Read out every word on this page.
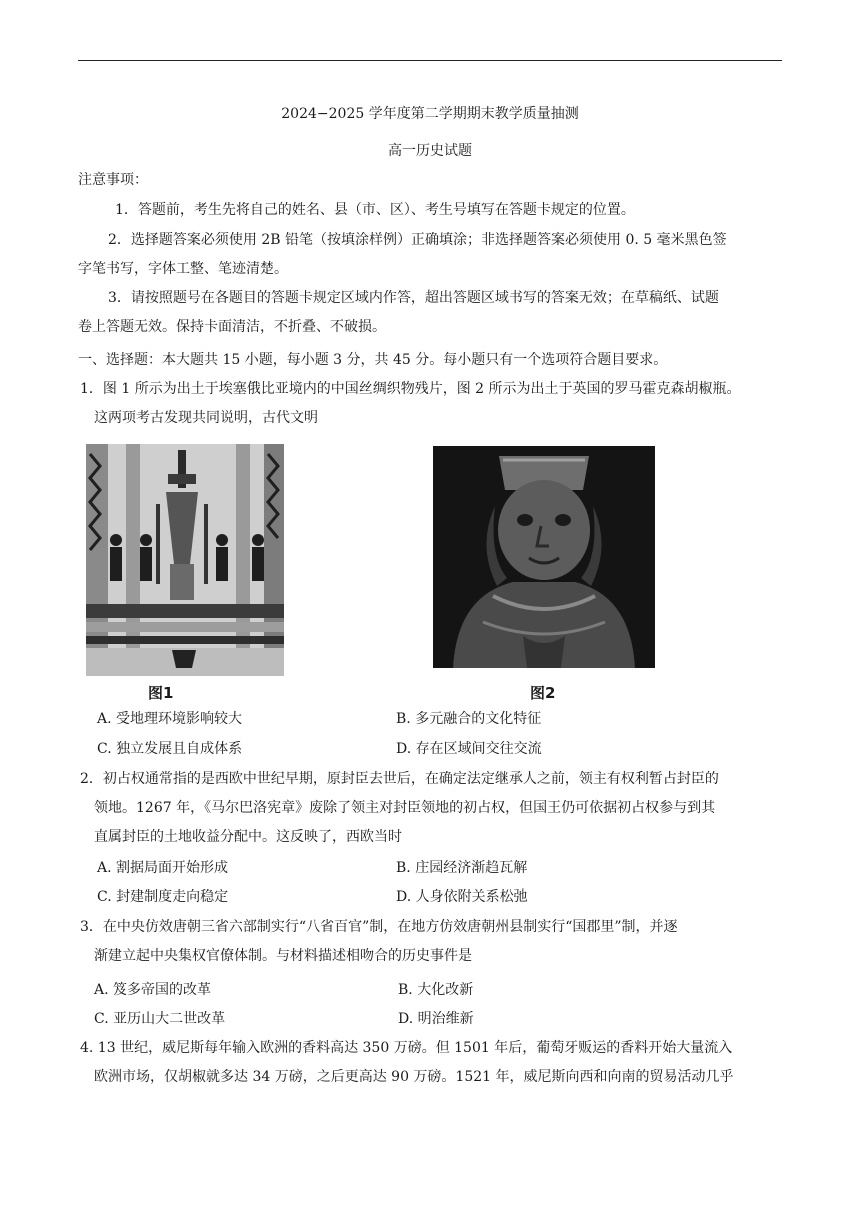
2024−2025 学年度第二学期期末教学质量抽测
高一历史试题
注意事项：
1．答题前，考生先将自己的姓名、县（市、区）、考生号填写在答题卡规定的位置。
2．选择题答案必须使用 2B 铅笔（按填涂样例）正确填涂；非选择题答案必须使用 0. 5 毫米黑色签
字笔书写，字体工整、笔迹清楚。
3．请按照题号在各题目的答题卡规定区域内作答，超出答题区域书写的答案无效；在草稿纸、试题
卷上答题无效。保持卡面清洁，不折叠、不破损。
一、选择题：本大题共 15 小题，每小题 3 分，共 45 分。每小题只有一个选项符合题目要求。
1．图 1 所示为出土于埃塞俄比亚境内的中国丝绸织物残片，图 2 所示为出土于英国的罗马霍克森胡椒瓶。
这两项考古发现共同说明，古代文明
图1	图2
A. 受地理环境影响较大	B. 多元融合的文化特征
C. 独立发展且自成体系	D. 存在区域间交往交流
2．初占权通常指的是西欧中世纪早期，原封臣去世后，在确定法定继承人之前，领主有权利暂占封臣的
领地。1267 年，《马尔巴洛宪章》废除了领主对封臣领地的初占权，但国王仍可依据初占权参与到其
直属封臣的土地收益分配中。这反映了，西欧当时
A. 割据局面开始形成	B. 庄园经济渐趋瓦解
C. 封建制度走向稳定	D. 人身依附关系松弛
3．在中央仿效唐朝三省六部制实行“八省百官”制，在地方仿效唐朝州县制实行“国郡里”制，并逐
渐建立起中央集权官僚体制。与材料描述相吻合的历史事件是
A. 笈多帝国的改革	B. 大化改新
C. 亚历山大二世改革	D. 明治维新
4. 13 世纪，威尼斯每年输入欧洲的香料高达 350 万磅。但 1501 年后，葡萄牙贩运的香料开始大量流入
欧洲市场，仅胡椒就多达 34 万磅，之后更高达 90 万磅。1521 年，威尼斯向西和向南的贸易活动几乎
